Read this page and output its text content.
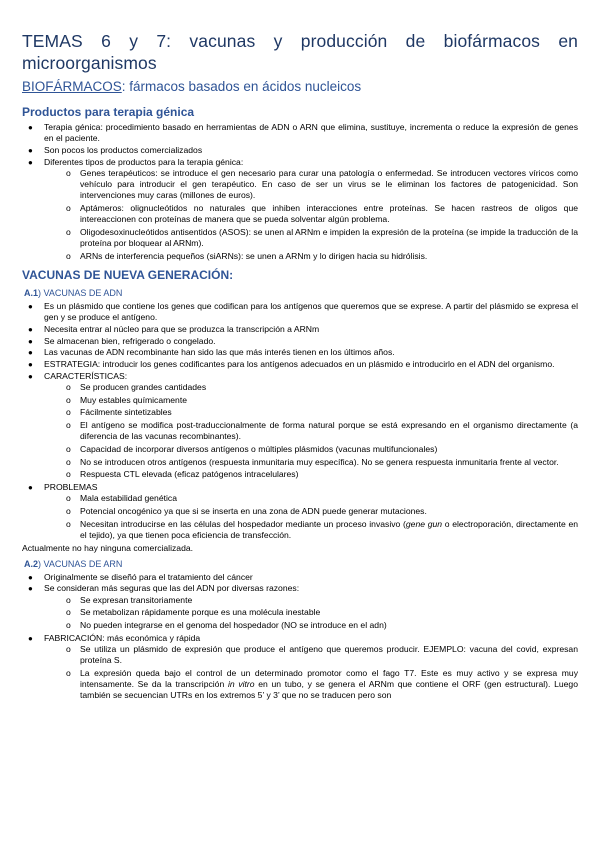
TEMAS 6 y 7: vacunas y producción de biofármacos en microorganismos
BIOFÁRMACOS: fármacos basados en ácidos nucleicos
Productos para terapia génica
● Terapia génica: procedimiento basado en herramientas de ADN o ARN que elimina, sustituye, incrementa o reduce la expresión de genes en el paciente.
● Son pocos los productos comercializados
● Diferentes tipos de productos para la terapia génica:
o Genes terapéuticos: se introduce el gen necesario para curar una patología o enfermedad. Se introducen vectores víricos como vehículo para introducir el gen terapéutico. En caso de ser un virus se le eliminan los factores de patogenicidad. Son intervenciones muy caras (millones de euros).
o Aptámeros: olignucleótidos no naturales que inhiben interacciones entre proteínas. Se hacen rastreos de oligos que intereaccionen con proteínas de manera que se pueda solventar algún problema.
o Oligodesoxinucleótidos antisentidos (ASOS): se unen al ARNm e impiden la expresión de la proteína (se impide la traducción de la proteína por bloquear al ARNm).
o ARNs de interferencia pequeños (siARNs): se unen a ARNm y lo dirigen hacia su hidrólisis.
VACUNAS DE NUEVA GENERACIÓN:
A.1) VACUNAS DE ADN
● Es un plásmido que contiene los genes que codifican para los antígenos que queremos que se exprese. A partir del plásmido se expresa el gen y se produce el antígeno.
● Necesita entrar al núcleo para que se produzca la transcripción a ARNm
● Se almacenan bien, refrigerado o congelado.
● Las vacunas de ADN recombinante han sido las que más interés tienen en los últimos años.
● ESTRATEGIA: introducir los genes codificantes para los antígenos adecuados en un plásmido e introducirlo en el ADN del organismo.
● CARACTERÍSTICAS:
o Se producen grandes cantidades
o Muy estables químicamente
o Fácilmente sintetizables
o El antígeno se modifica post-traduccionalmente de forma natural porque se está expresando en el organismo directamente (a diferencia de las vacunas recombinantes).
o Capacidad de incorporar diversos antígenos o múltiples plásmidos (vacunas multifuncionales)
o No se introducen otros antígenos (respuesta inmunitaria muy específica). No se genera respuesta inmunitaria frente al vector.
o Respuesta CTL elevada (eficaz patógenos intracelulares)
● PROBLEMAS
o Mala estabilidad genética
o Potencial oncogénico ya que si se inserta en una zona de ADN puede generar mutaciones.
o Necesitan introducirse en las células del hospedador mediante un proceso invasivo (gene gun o electroporación, directamente en el tejido), ya que tienen poca eficiencia de transfección.

Actualmente no hay ninguna comercializada.

A.2) VACUNAS DE ARN
● Originalmente se diseñó para el tratamiento del cáncer
● Se consideran más seguras que las del ADN por diversas razones:
o Se expresan transitoriamente
o Se metabolizan rápidamente porque es una molécula inestable
o No pueden integrarse en el genoma del hospedador (NO se introduce en el adn)
● FABRICACIÓN: más económica y rápida
o Se utiliza un plásmido de expresión que produce el antígeno que queremos producir. EJEMPLO: vacuna del covid, expresan proteína S.
o La expresión queda bajo el control de un determinado promotor como el fago T7. Este es muy activo y se expresa muy intensamente. Se da la transcripción in vitro en un tubo, y se genera el ARNm que contiene el ORF (gen estructural). Luego también se secuencian UTRs en los extremos 5’ y 3’ que no se traducen pero son
